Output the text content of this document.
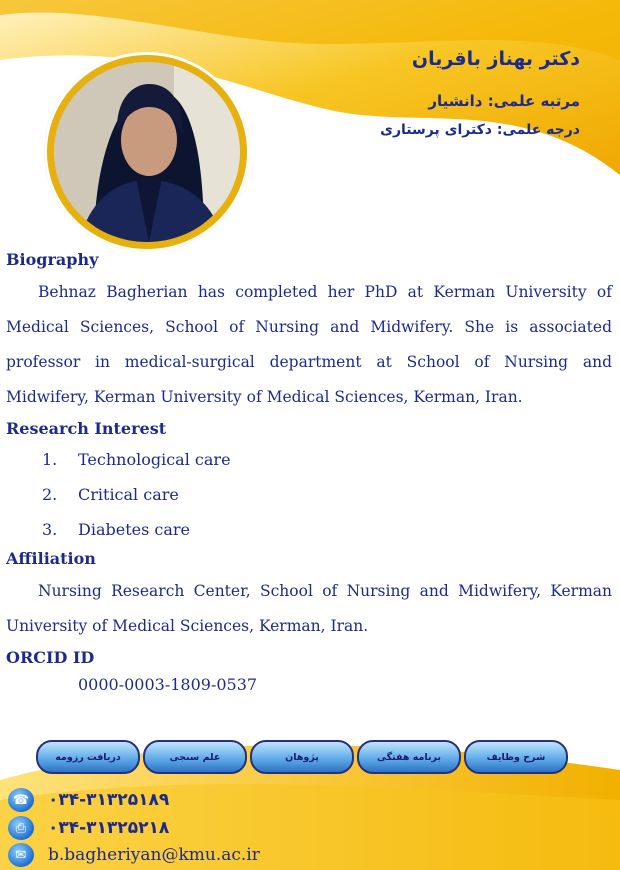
دکتر بهناز باقریان
مرتبه علمی: دانشیار
درجه علمی: دکترای پرستاری
Biography

Behnaz Bagherian has completed her PhD at Kerman University of Medical Sciences, School of Nursing and Midwifery. She is associated professor in medical-surgical department at School of Nursing and Midwifery, Kerman University of Medical Sciences, Kerman, Iran.

Research Interest
1. Technological care
2. Critical care
3. Diabetes care
Affiliation

Nursing Research Center, School of Nursing and Midwifery, Kerman University of Medical Sciences, Kerman, Iran.

ORCID ID
0000-0003-1809-0537
دریافت رزومه	علم سنجی	پژوهان	برنامه هفتگی	شرح وظایف
☎ ۰۳۴-۳۱۳۲۵۱۸۹
⎙	۰۳۴-۳۱۳۲۵۲۱۸
✉	b.bagheriyan@kmu.ac.ir
